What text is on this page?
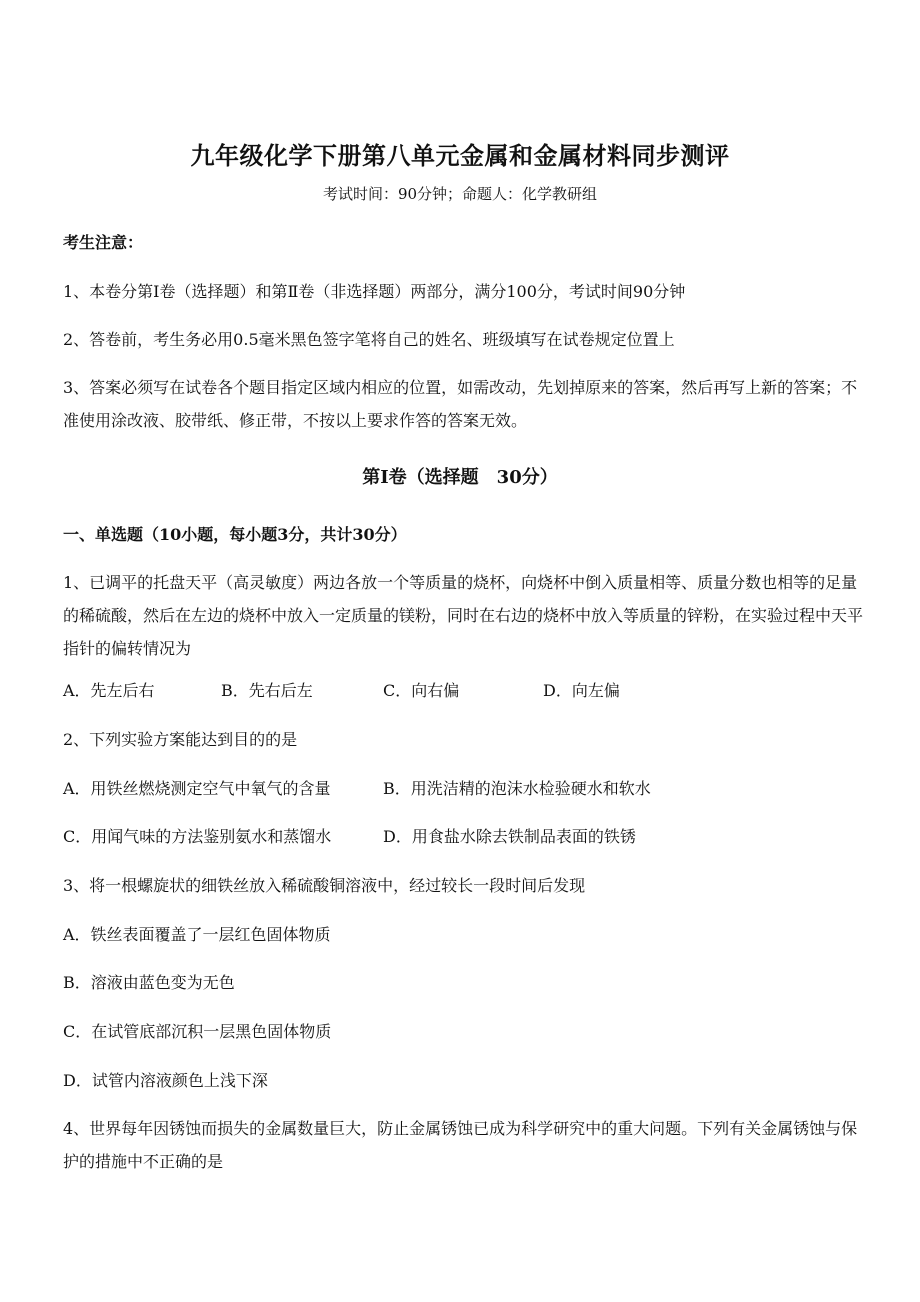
九年级化学下册第八单元金属和金属材料同步测评
考试时间：90分钟；命题人：化学教研组
考生注意：
1、本卷分第Ⅰ卷（选择题）和第Ⅱ卷（非选择题）两部分，满分100分，考试时间90分钟
2、答卷前，考生务必用0.5毫米黑色签字笔将自己的姓名、班级填写在试卷规定位置上
3、答案必须写在试卷各个题目指定区域内相应的位置，如需改动，先划掉原来的答案，然后再写上新的答案；不准使用涂改液、胶带纸、修正带，不按以上要求作答的答案无效。
第Ⅰ卷（选择题　30分）
一、单选题（10小题，每小题3分，共计30分）
1、已调平的托盘天平（高灵敏度）两边各放一个等质量的烧杯，向烧杯中倒入质量相等、质量分数也相等的足量的稀硫酸，然后在左边的烧杯中放入一定质量的镁粉，同时在右边的烧杯中放入等质量的锌粉，在实验过程中天平指针的偏转情况为
A．先左后右	B．先右后左	C．向右偏	D．向左偏
2、下列实验方案能达到目的的是
A．用铁丝燃烧测定空气中氧气的含量	B．用洗洁精的泡沫水检验硬水和软水
C．用闻气味的方法鉴别氨水和蒸馏水	D．用食盐水除去铁制品表面的铁锈
3、将一根螺旋状的细铁丝放入稀硫酸铜溶液中，经过较长一段时间后发现
A．铁丝表面覆盖了一层红色固体物质
B．溶液由蓝色变为无色
C．在试管底部沉积一层黑色固体物质
D．试管内溶液颜色上浅下深
4、世界每年因锈蚀而损失的金属数量巨大，防止金属锈蚀已成为科学研究中的重大问题。下列有关金属锈蚀与保护的措施中不正确的是
